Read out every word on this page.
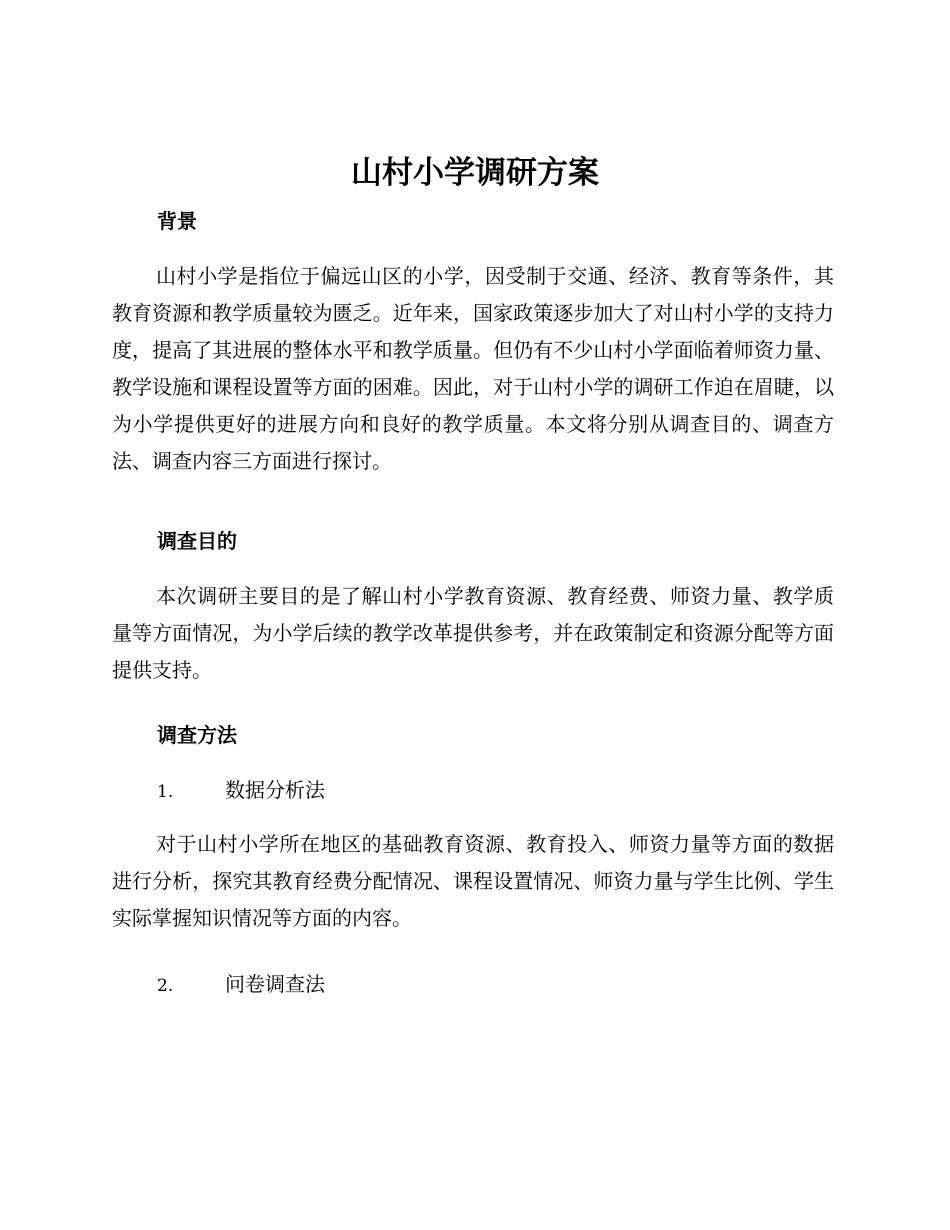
山村小学调研方案
背景

山村小学是指位于偏远山区的小学，因受制于交通、经济、教育等条件，其教育资源和教学质量较为匮乏。近年来，国家政策逐步加大了对山村小学的支持力度，提高了其进展的整体水平和教学质量。但仍有不少山村小学面临着师资力量、教学设施和课程设置等方面的困难。因此，对于山村小学的调研工作迫在眉睫，以为小学提供更好的进展方向和良好的教学质量。本文将分别从调查目的、调查方法、调查内容三方面进行探讨。

调查目的

本次调研主要目的是了解山村小学教育资源、教育经费、师资力量、教学质量等方面情况，为小学后续的教学改革提供参考，并在政策制定和资源分配等方面提供支持。

调查方法
1.	数据分析法

对于山村小学所在地区的基础教育资源、教育投入、师资力量等方面的数据进行分析，探究其教育经费分配情况、课程设置情况、师资力量与学生比例、学生实际掌握知识情况等方面的内容。

2.	问卷调查法
